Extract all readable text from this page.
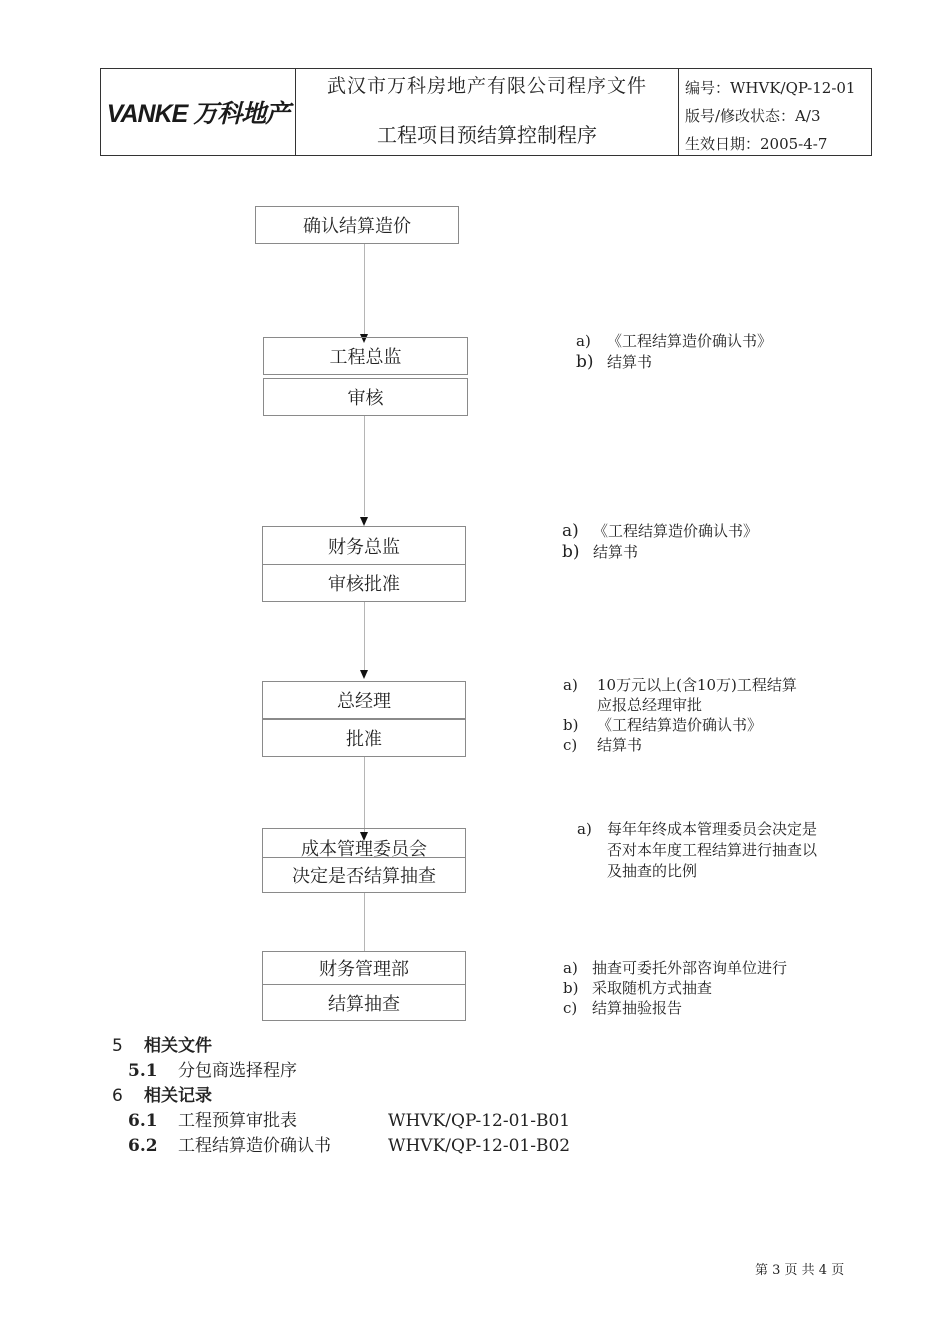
VANKE 万科地产
武汉市万科房地产有限公司程序文件
工程项目预结算控制程序
编号：WHVK/QP-12-01
版号/修改状态：A/3
生效日期：2005-4-7
确认结算造价
工程总监
审核
财务总监
审核批准
总经理
批准
成本管理委员会
决定是否结算抽查
财务管理部
结算抽查
a) 《工程结算造价确认书》
b) 结算书
a) 《工程结算造价确认书》
b) 结算书
a) 10万元以上(含10万)工程结算
应报总经理审批
b) 《工程结算造价确认书》
c) 结算书
a) 每年年终成本管理委员会决定是
否对本年度工程结算进行抽查以
及抽查的比例
a) 抽查可委托外部咨询单位进行
b) 采取随机方式抽查
c) 结算抽验报告
5 相关文件
5.1 分包商选择程序
6 相关记录
6.1 工程预算审批表	WHVK/QP-12-01-B01
6.2 工程结算造价确认书	WHVK/QP-12-01-B02
第 3 页 共 4 页
